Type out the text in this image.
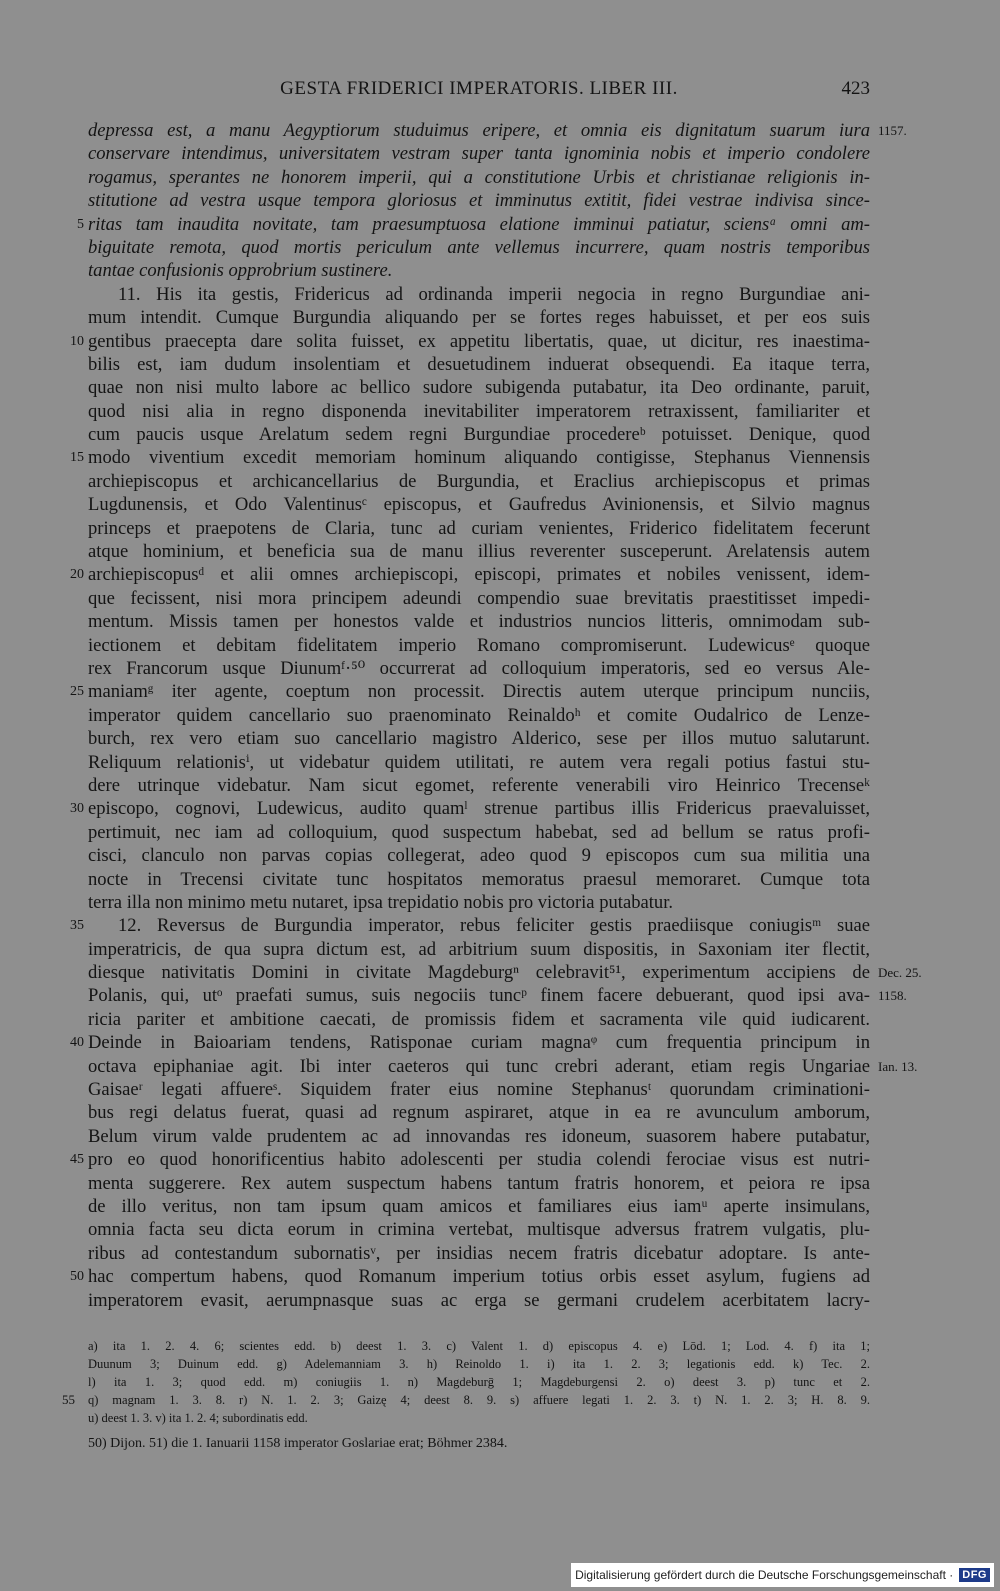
GESTA FRIDERICI IMPERATORIS. LIBER III.	423
depressa est, a manu Aegyptiorum studuimus eripere, et omnia eis dignitatum suarum iura 1157.
conservare intendimus, universitatem vestram super tanta ignominia nobis et imperio condolere
rogamus, sperantes ne honorem imperii, qui a constitutione Urbis et christianae religionis in-
stitutione ad vestra usque tempora gloriosus et imminutus extitit, fidei vestrae indivisa since-
ritas tam inaudita novitate, tam praesumptuosa elatione imminui patiatur, sciensᵃ omni am-
5
biguitate remota, quod mortis periculum ante vellemus incurrere, quam nostris temporibus
tantae confusionis opprobrium sustinere.
11. His ita gestis, Fridericus ad ordinanda imperii negocia in regno Burgundiae ani-
mum intendit. Cumque Burgundia aliquando per se fortes reges habuisset, et per eos suis
gentibus praecepta dare solita fuisset, ex appetitu libertatis, quae, ut dicitur, res inaestima-
10
bilis est, iam dudum insolentiam et desuetudinem induerat obsequendi. Ea itaque terra,
quae non nisi multo labore ac bellico sudore subigenda putabatur, ita Deo ordinante, paruit,
quod nisi alia in regno disponenda inevitabiliter imperatorem retraxissent, familiariter et
cum paucis usque Arelatum sedem regni Burgundiae procedereᵇ potuisset. Denique, quod
modo viventium excedit memoriam hominum aliquando contigisse, Stephanus Viennensis
15
archiepiscopus et archicancellarius de Burgundia, et Eraclius archiepiscopus et primas
Lugdunensis, et Odo Valentinusᶜ episcopus, et Gaufredus Avinionensis, et Silvio magnus
princeps et praepotens de Claria, tunc ad curiam venientes, Friderico fidelitatem fecerunt
atque hominium, et beneficia sua de manu illius reverenter susceperunt. Arelatensis autem
archiepiscopusᵈ et alii omnes archiepiscopi, episcopi, primates et nobiles venissent, idem-
20
que fecissent, nisi mora principem adeundi compendio suae brevitatis praestitisset impedi-
mentum. Missis tamen per honestos valde et industrios nuncios litteris, omnimodam sub-
iectionem et debitam fidelitatem imperio Romano compromiserunt. Ludewicusᵉ quoque
rex Francorum usque Diunumᶠ·⁵⁰ occurrerat ad colloquium imperatoris, sed eo versus Ale-
maniamᵍ iter agente, coeptum non processit. Directis autem uterque principum nunciis,
25
imperator quidem cancellario suo praenominato Reinaldoʰ et comite Oudalrico de Lenze-
burch, rex vero etiam suo cancellario magistro Alderico, sese per illos mutuo salutarunt.
Reliquum relationisⁱ, ut videbatur quidem utilitati, re autem vera regali potius fastui stu-
dere utrinque videbatur. Nam sicut egomet, referente venerabili viro Heinrico Trecenseᵏ
episcopo, cognovi, Ludewicus, audito quamˡ strenue partibus illis Fridericus praevaluisset,
30
pertimuit, nec iam ad colloquium, quod suspectum habebat, sed ad bellum se ratus profi-
cisci, clanculo non parvas copias collegerat, adeo quod 9 episcopos cum sua militia una
nocte in Trecensi civitate tunc hospitatos memoratus praesul memoraret. Cumque tota
terra illa non minimo metu nutaret, ipsa trepidatio nobis pro victoria putabatur.
12. Reversus de Burgundia imperator, rebus feliciter gestis praediisque coniugisᵐ suae
35
imperatricis, de qua supra dictum est, ad arbitrium suum dispositis, in Saxoniam iter flectit,
diesque nativitatis Domini in civitate Magdeburgⁿ celebravit⁵¹, experimentum accipiens de Dec. 25.
Polanis, qui, utᵒ praefati sumus, suis negociis tuncᵖ finem facere debuerant, quod ipsi ava- 1158.
ricia pariter et ambitione caecati, de promissis fidem et sacramenta vile quid iudicarent.
Deinde in Baioariam tendens, Ratisponae curiam magnaᵠ cum frequentia principum in
40
octava epiphaniae agit. Ibi inter caeteros qui tunc crebri aderant, etiam regis Ungariae Ian. 13.
Gaisaeʳ legati affuereˢ. Siquidem frater eius nomine Stephanusᵗ quorundam criminationi-
bus regi delatus fuerat, quasi ad regnum aspiraret, atque in ea re avunculum amborum,
Belum virum valde prudentem ac ad innovandas res idoneum, suasorem habere putabatur,
pro eo quod honorificentius habito adolescenti per studia colendi ferociae visus est nutri-
45
menta suggerere. Rex autem suspectum habens tantum fratris honorem, et peiora re ipsa
de illo veritus, non tam ipsum quam amicos et familiares eius iamᵘ aperte insimulans,
omnia facta seu dicta eorum in crimina vertebat, multisque adversus fratrem vulgatis, plu-
ribus ad contestandum subornatisᵛ, per insidias necem fratris dicebatur adoptare. Is ante-
hac compertum habens, quod Romanum imperium totius orbis esset asylum, fugiens ad
50
imperatorem evasit, aerumpnasque suas ac erga se germani crudelem acerbitatem lacry-
a) ita 1. 2. 4. 6; scientes edd. b) deest 1. 3. c) Valent 1. d) episcopus 4. e) Lōd. 1; Lod. 4. f) ita 1;
Duunum 3; Duinum edd. g) Adelemanniam 3. h) Reinoldo 1. i) ita 1. 2. 3; legationis edd. k) Tec. 2.
l) ita 1. 3; quod edd. m) coniugiis 1. n) Magdeburḡ 1; Magdeburgensi 2. o) deest 3. p) tunc et 2.
q) magnam 1. 3. 8. r) N. 1. 2. 3; Gaizę 4; deest 8. 9. s) affuere legati 1. 2. 3. t) N. 1. 2. 3; H. 8. 9.
55
u) deest 1. 3. v) ita 1. 2. 4; subordinatis edd.
50) Dijon. 51) die 1. Ianuarii 1158 imperator Goslariae erat; Böhmer 2384.
Digitalisierung gefördert durch die Deutsche Forschungsgemeinschaft · DFG
